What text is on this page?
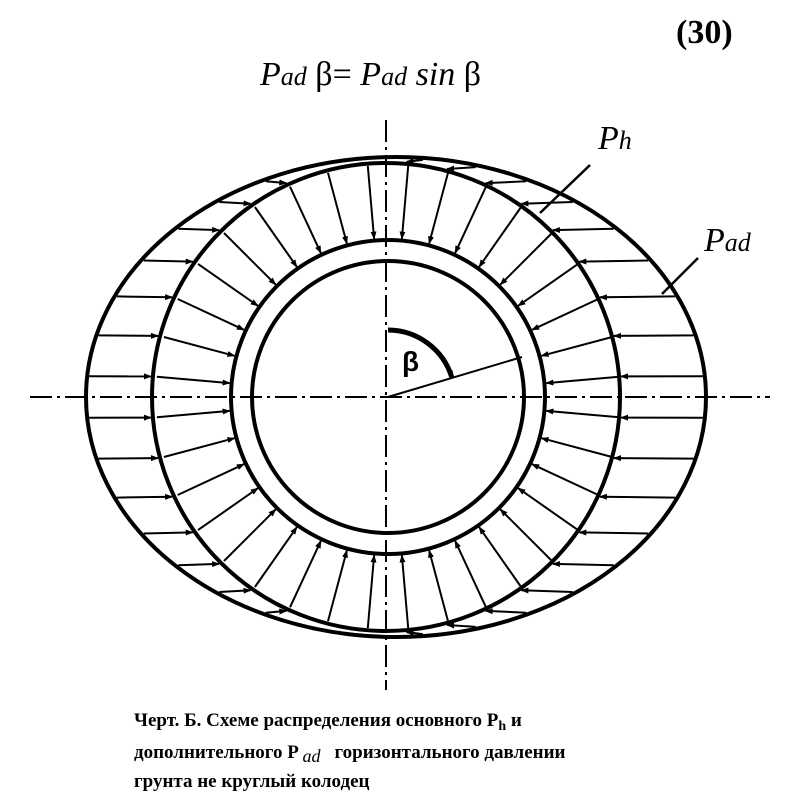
(30)
Pad β= Pad sin β
Ph
Pad
β
Черт. Б. Схеме распределения основного $P_h$ и
дополнительного P ad горизонтального давлении
грунта не круглый колодец
